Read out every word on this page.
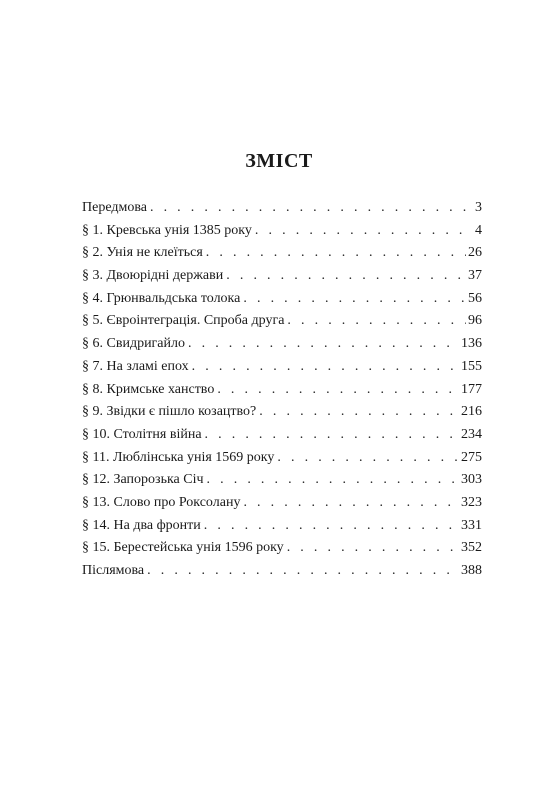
ЗМІСТ
Передмова . . .	3
§ 1. Кревська унія 1385 року . . .	4
§ 2. Унія не клеїться . . .	26
§ 3. Двоюрідні держави . . .	37
§ 4. Грюнвальдська толока . . .	56
§ 5. Євроінтеграція. Спроба друга . . .	96
§ 6. Свидригайло . . .	136
§ 7. На зламі епох . . .	155
§ 8. Кримське ханство . . .	177
§ 9. Звідки є пішло козацтво? . . .	216
§ 10. Столітня війна . . .	234
§ 11. Люблінська унія 1569 року . . .	275
§ 12. Запорозька Січ . . .	303
§ 13. Слово про Роксолану . . .	323
§ 14. На два фронти . . .	331
§ 15. Берестейська унія 1596 року . . .	352
Післямова . . .	388
